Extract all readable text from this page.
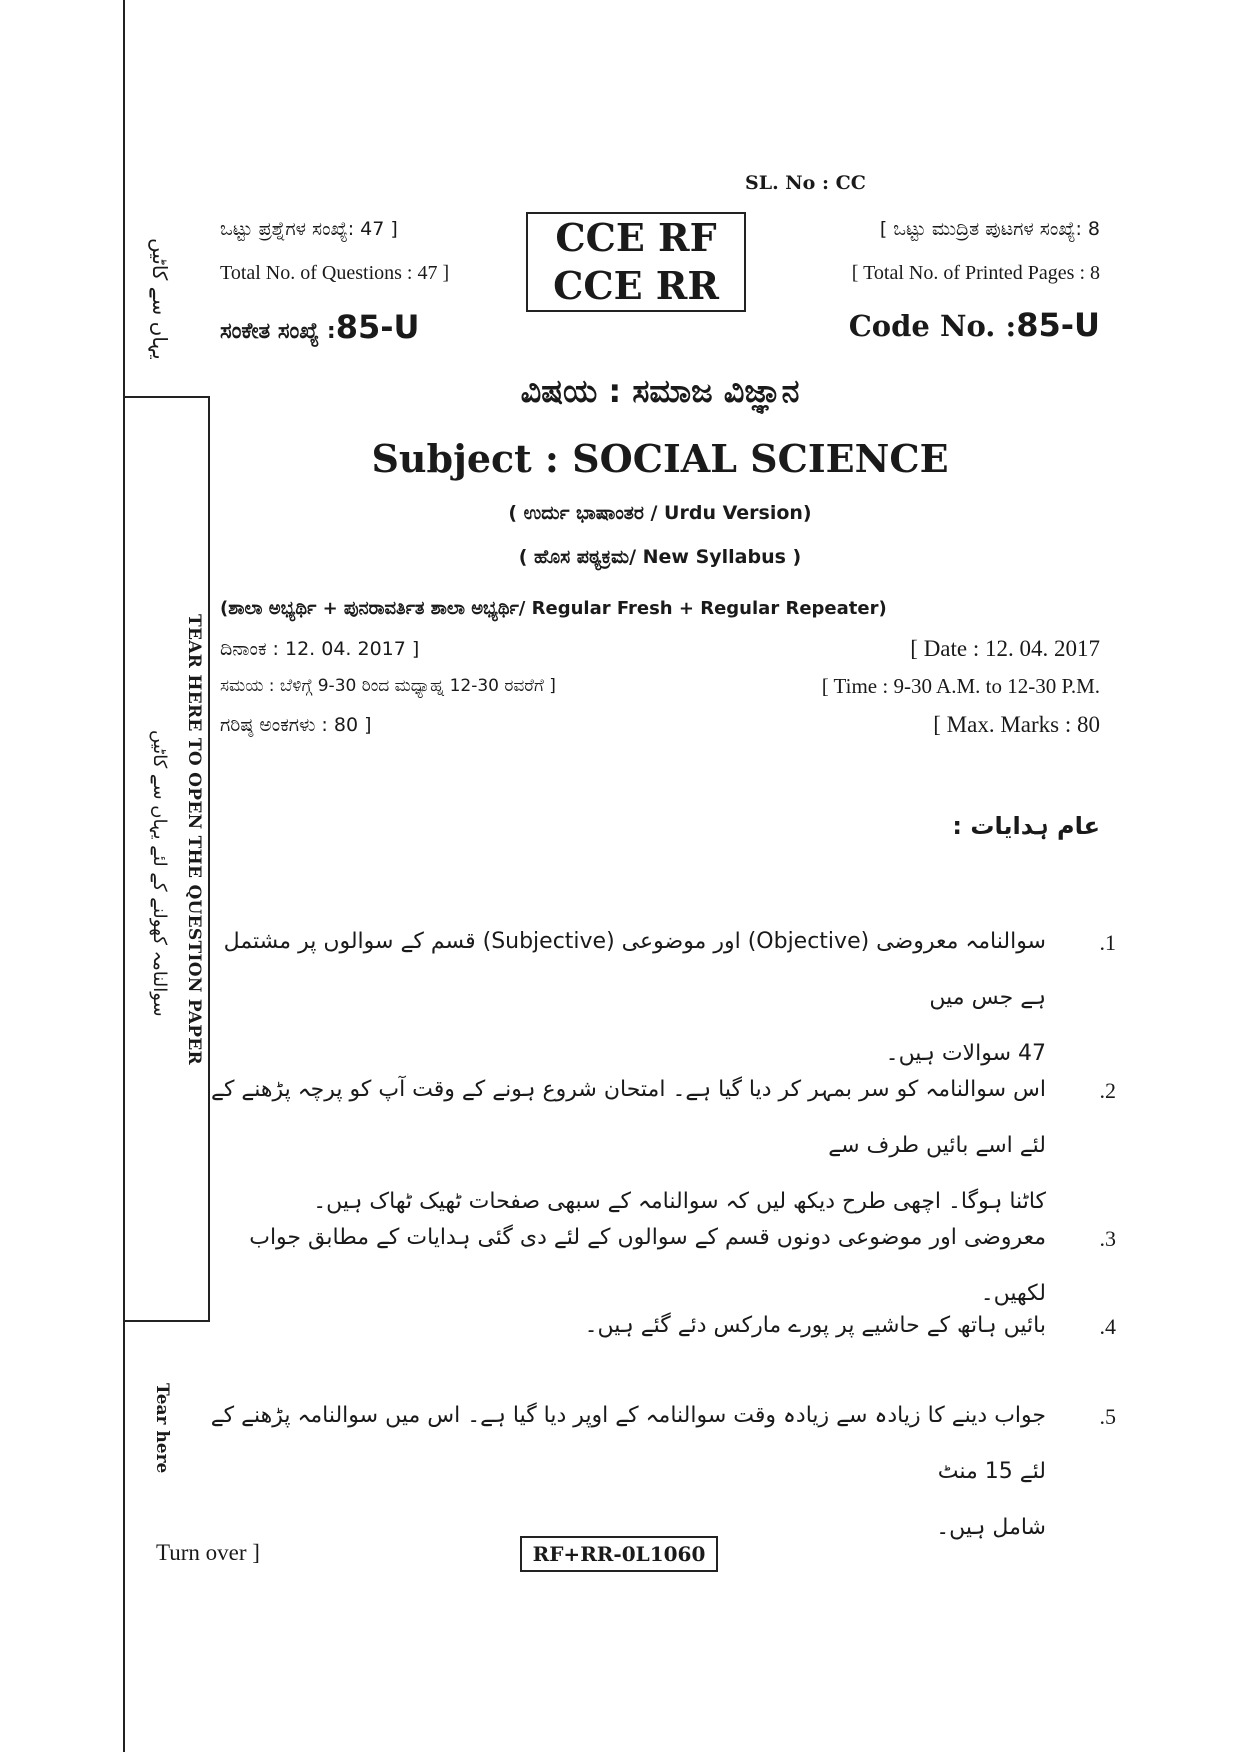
یہاں سے کاٹیں
TEAR HERE TO OPEN THE QUESTION PAPER
سوالنامہ کھولنے کے لئے یہاں سے کاٹیں
Tear here
SL. No : CC
ಒಟ್ಟು ಪ್ರಶ್ನೆಗಳ ಸಂಖ್ಯೆ: 47 ]
Total No. of Questions : 47 ]
ಸಂಕೇತ ಸಂಖ್ಯೆ :85-U
CCE RF
CCE RR
[ ಒಟ್ಟು ಮುದ್ರಿತ ಪುಟಗಳ ಸಂಖ್ಯೆ: 8
[ Total No. of Printed Pages : 8
Code No. :85-U
ವಿಷಯ : ಸಮಾಜ ವಿಜ್ಞಾನ
Subject : SOCIAL SCIENCE
( ಉರ್ದು ಭಾಷಾಂತರ / Urdu Version)
( ಹೊಸ ಪಠ್ಯಕ್ರಮ/ New Syllabus )
(ಶಾಲಾ ಅಭ್ಯರ್ಥಿ + ಪುನರಾವರ್ತಿತ ಶಾಲಾ ಅಭ್ಯರ್ಥಿ/ Regular Fresh + Regular Repeater)
ದಿನಾಂಕ : 12. 04. 2017 ]	[ Date : 12. 04. 2017
ಸಮಯ : ಬೆಳಿಗ್ಗೆ 9-30 ರಿಂದ ಮಧ್ಯಾಹ್ನ 12-30 ರವರೆಗೆ ]	[ Time : 9-30 A.M. to 12-30 P.M.
ಗರಿಷ್ಠ ಅಂಕಗಳು : 80 ]	[ Max. Marks : 80
عام ہدایات :
.1
سوالنامہ معروضی (Objective) اور موضوعی (Subjective) قسم کے سوالوں پر مشتمل ہے جس میں
47 سوالات ہیں۔
.2
اس سوالنامہ کو سر بمہر کر دیا گیا ہے۔ امتحان شروع ہونے کے وقت آپ کو پرچہ پڑھنے کے لئے اسے بائیں طرف سے
کاٹنا ہوگا۔ اچھی طرح دیکھ لیں کہ سوالنامہ کے سبھی صفحات ٹھیک ٹھاک ہیں۔
.3
معروضی اور موضوعی دونوں قسم کے سوالوں کے لئے دی گئی ہدایات کے مطابق جواب لکھیں۔
.4
بائیں ہاتھ کے حاشیے پر پورے مارکس دئے گئے ہیں۔
.5
جواب دینے کا زیادہ سے زیادہ وقت سوالنامہ کے اوپر دیا گیا ہے۔ اس میں سوالنامہ پڑھنے کے لئے 15 منٹ
شامل ہیں۔
Turn over ]	RF+RR-0L1060
